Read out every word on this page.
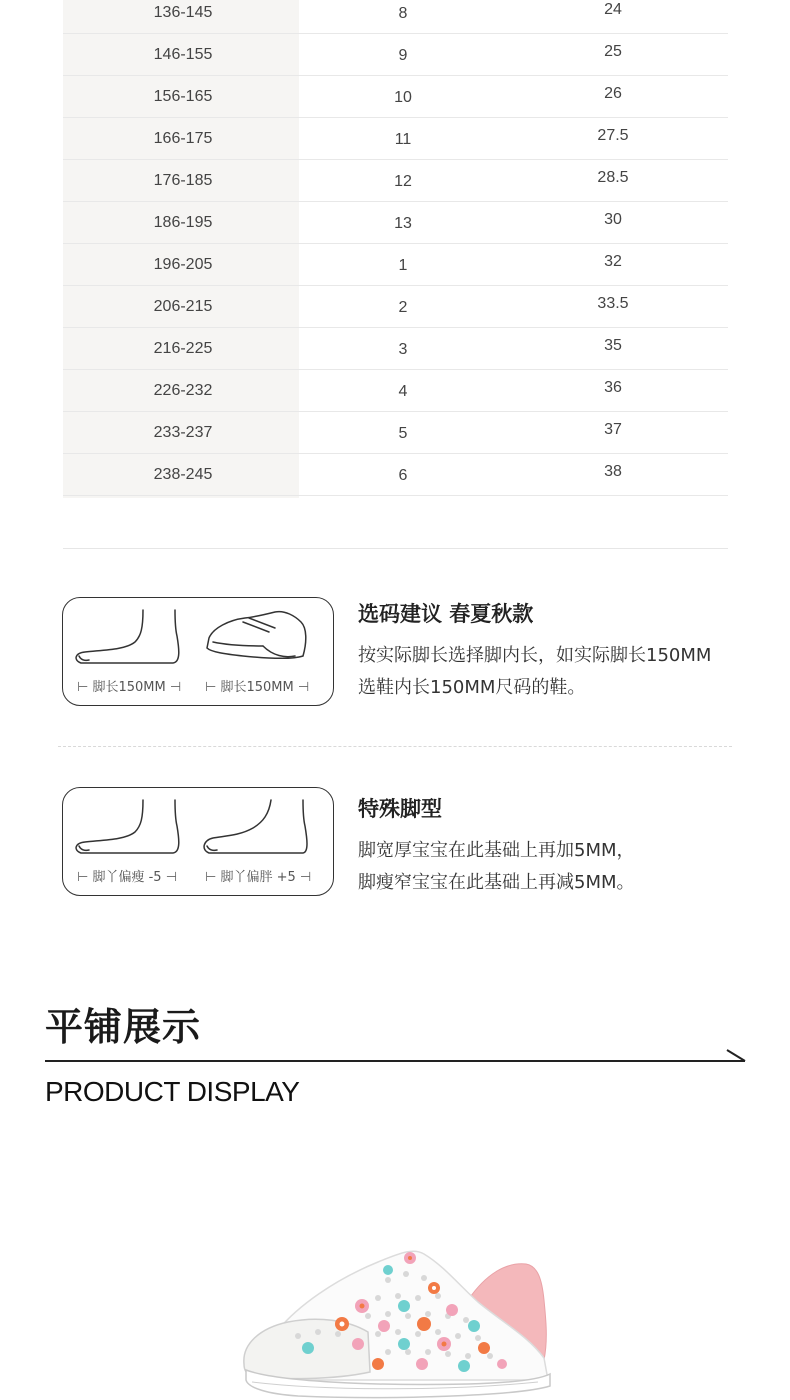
136-145	8	24
146-155	9	25
156-165	10	26
166-175	11	27.5
176-185	12	28.5
186-195	13	30
196-205	1	32
206-215	2	33.5
216-225	3	35
226-232	4	36
233-237	5	37
238-245	6	38
⊢ 脚长150MM ⊣ ⊢ 脚长150MM ⊣
选码建议 春夏秋款
按实际脚长选择脚内长，如实际脚长150MM
选鞋内长150MM尺码的鞋。
⊢ 脚丫偏瘦 -5 ⊣ ⊢ 脚丫偏胖 +5 ⊣
特殊脚型
脚宽厚宝宝在此基础上再加5MM，
脚瘦窄宝宝在此基础上再减5MM。
平铺展示
PRODUCT DISPLAY
